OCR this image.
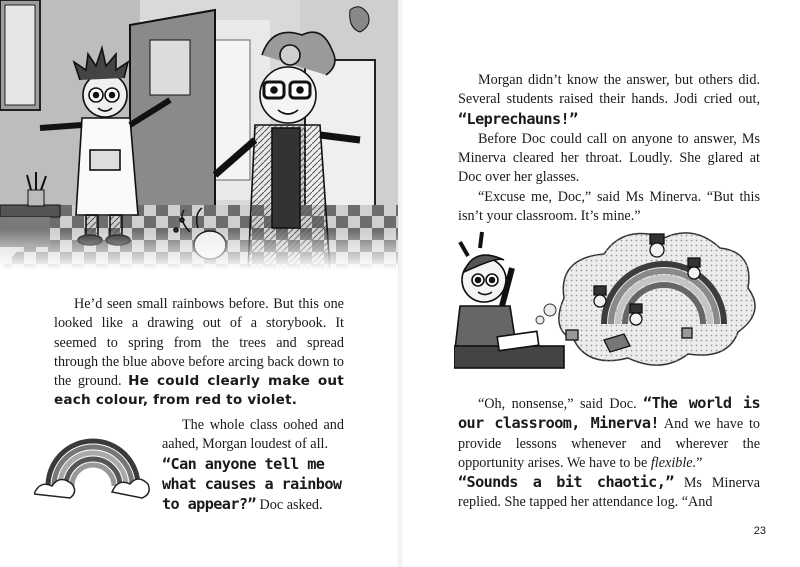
He’d seen small rainbows before. But this one looked like a drawing out of a storybook. It seemed to spring from the trees and spread through the blue above before arcing back down to the ground. He could clearly make out each colour, from red to violet.

The whole class oohed and aahed, Morgan loudest of all.

“Can anyone tell me what causes a rainbow to appear?” Doc asked.

Morgan didn’t know the answer, but others did. Several students raised their hands. Jodi cried out, “Leprechauns!”

Before Doc could call on anyone to answer, Ms Minerva cleared her throat. Loudly. She glared at Doc over her glasses.

“Excuse me, Doc,” said Ms Minerva. “But this isn’t your classroom. It’s mine.”

“Oh, nonsense,” said Doc. “The world is our classroom, Minerva! And we have to provide lessons whenever and wherever the opportunity arises. We have to be flexible.”

“Sounds a bit chaotic,” Ms Minerva replied. She tapped her attendance log. “And

23
